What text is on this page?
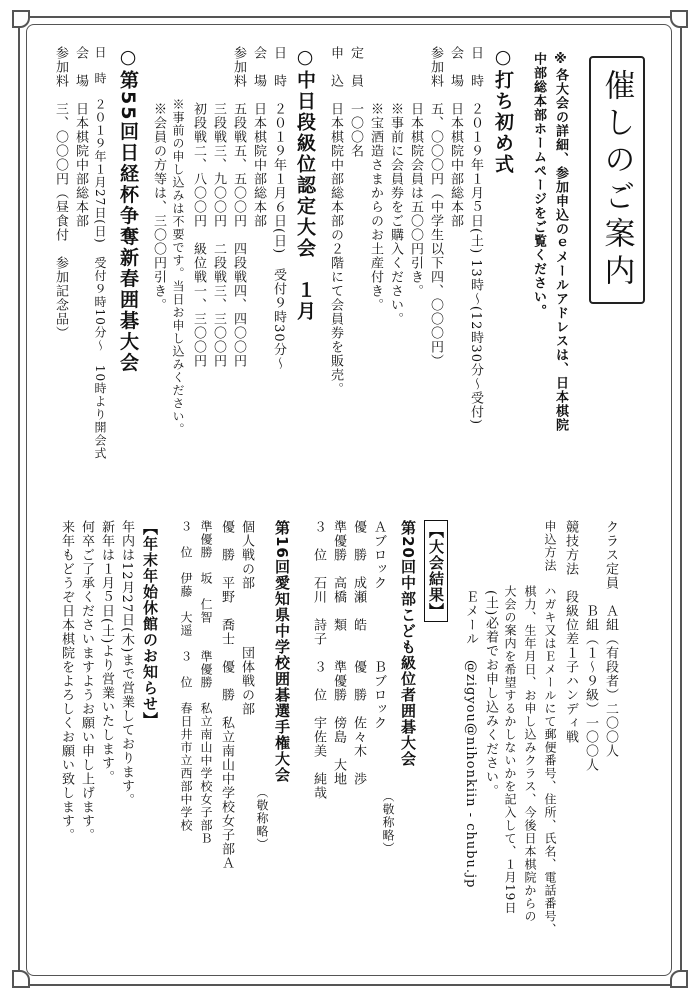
催しのご案内
※各大会の詳細、参加申込のｅメールアドレスは、日本棋院
中部総本部ホームページをご覧ください。
○打ち初め式
日　時　２０１９年１月５日(土) 13時～(12時30分～受付)
会　場　日本棋院中部総本部
参加料　五、〇〇〇円（中学生以下四、〇〇〇円）
　　　　日本棋院会員は五〇〇円引き。
　　　　※事前に会員券をご購入ください。
　　　　※宝酒造さまからのお土産付き。
定　員　一〇〇名
申　込　日本棋院中部総本部の２階にて会員券を販売。
○中日段級位認定大会　１月
日　時　２０１９年１月６日(日)　受付９時30分～
会　場　日本棋院中部総本部
参加料　五段戦五、五〇〇円　四段戦四、四〇〇円
　　　　三段戦三、九〇〇円　二段戦三、三〇〇円
　　　　初段戦二、八〇〇円　級位戦一、三〇〇円
　　　　※事前の申し込みは不要です。当日お申し込みください。
　　　　※会員の方等は、三〇〇円引き。
○第55回日経杯争奪新春囲碁大会
日　時　２０１９年１月27日(日)　受付９時10分～　10時より開会式
会　場　日本棋院中部総本部
参加料　三、〇〇〇円（昼食付　参加記念品）
クラス定員　Ａ組（有段者）二〇〇人
　　　　　　Ｂ組（１～９級）一〇〇人
競技方法　段級位差１子ハンディ戦
申込方法　ハガキ又はＥメールにて郵便番号、住所、氏名、電話番号、
　　　　　棋力、生年月日、お申し込みクラス、今後日本棋院からの
　　　　　大会の案内を希望するかしないかを記入して、１月19日
　　　　　(土)必着でお申し込みください。
　　　　　Ｅメール　@zigyou@nihonkiin - chubu.jp
【大会結果】
第20回中部こども級位者囲碁大会
（敬称略）
Ａブロック　　　　　Ｂブロック
優　勝　成瀬　皓　　優　勝　佐々木　渉
準優勝　高橋　類　　準優勝　傍島　大地
３　位　石川　詩子　３　位　宇佐美　純哉
第16回愛知県中学校囲碁選手権大会
（敬称略）
個人戦の部　　　　団体戦の部
優　勝　平野　喬士　優　勝　私立南山中学校女子部Ａ
準優勝　坂　仁智　　準優勝　私立南山中学校女子部Ｂ
３　位　伊藤　大遥　３　位　春日井市立西部中学校
【年末年始休館のお知らせ】
年内は12月27日(木)まで営業しております。
新年は１月５日(土)より営業いたします。
何卒ご了承くださいますようお願い申し上げます。
来年もどうぞ日本棋院をよろしくお願い致します。
